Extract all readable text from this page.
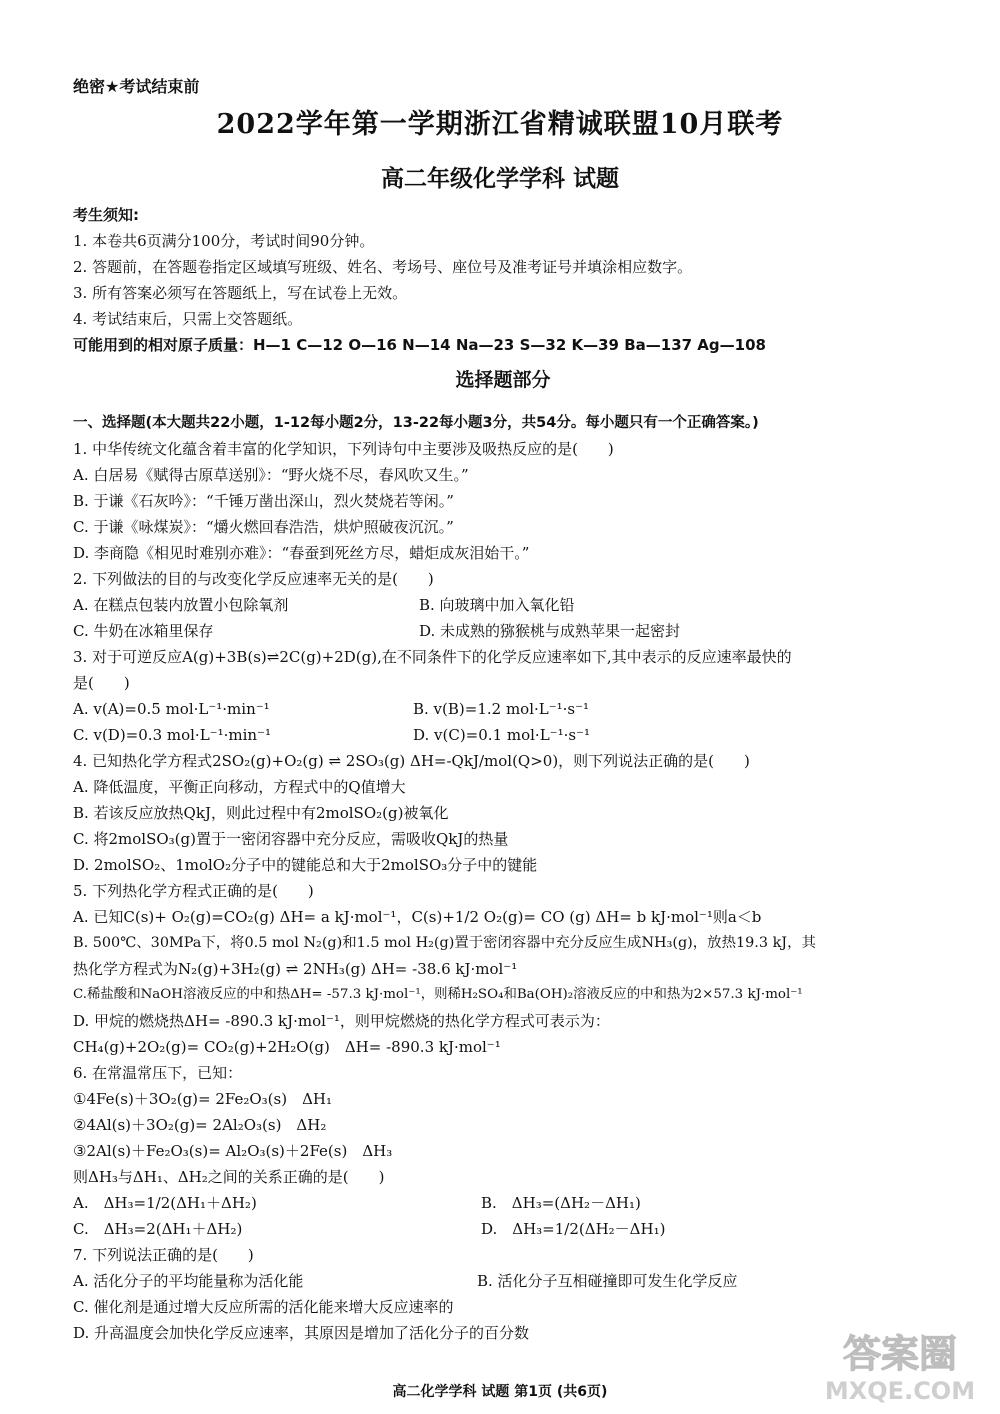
绝密★考试结束前
2022学年第一学期浙江省精诚联盟10月联考
高二年级化学学科 试题
考生须知:
1. 本卷共6页满分100分，考试时间90分钟。
2. 答题前，在答题卷指定区域填写班级、姓名、考场号、座位号及准考证号并填涂相应数字。
3. 所有答案必须写在答题纸上，写在试卷上无效。
4. 考试结束后，只需上交答题纸。
可能用到的相对原子质量：H—1 C—12 O—16 N—14 Na—23 S—32 K—39 Ba—137 Ag—108
选择题部分
一、选择题(本大题共22小题，1-12每小题2分，13-22每小题3分，共54分。每小题只有一个正确答案。)
1. 中华传统文化蕴含着丰富的化学知识，下列诗句中主要涉及吸热反应的是(　　)
A. 白居易《赋得古原草送别》：“野火烧不尽，春风吹又生。”
B. 于谦《石灰吟》：“千锤万凿出深山，烈火焚烧若等闲。”
C. 于谦《咏煤炭》：“爝火燃回春浩浩，烘炉照破夜沉沉。”
D. 李商隐《相见时难别亦难》：“春蚕到死丝方尽，蜡炬成灰泪始干。”
2. 下列做法的目的与改变化学反应速率无关的是(　　)
A. 在糕点包装内放置小包除氧剂	B. 向玻璃中加入氧化铅
C. 牛奶在冰箱里保存	D. 未成熟的猕猴桃与成熟苹果一起密封
3. 对于可逆反应A(g)+3B(s)⇌2C(g)+2D(g),在不同条件下的化学反应速率如下,其中表示的反应速率最快的
是(　　)
A. v(A)=0.5 mol·L⁻¹·min⁻¹	B. v(B)=1.2 mol·L⁻¹·s⁻¹
C. v(D)=0.3 mol·L⁻¹·min⁻¹	D. v(C)=0.1 mol·L⁻¹·s⁻¹
4. 已知热化学方程式2SO₂(g)+O₂(g) ⇌ 2SO₃(g) ΔH=-QkJ/mol(Q>0)，则下列说法正确的是(　　)
A. 降低温度，平衡正向移动，方程式中的Q值增大
B. 若该反应放热QkJ，则此过程中有2molSO₂(g)被氧化
C. 将2molSO₃(g)置于一密闭容器中充分反应，需吸收QkJ的热量
D. 2molSO₂、1molO₂分子中的键能总和大于2molSO₃分子中的键能
5. 下列热化学方程式正确的是(　　)
A. 已知C(s)+ O₂(g)=CO₂(g) ΔH= a kJ·mol⁻¹，C(s)+1/2 O₂(g)= CO (g) ΔH= b kJ·mol⁻¹则a＜b
B. 500℃、30MPa下，将0.5 mol N₂(g)和1.5 mol H₂(g)置于密闭容器中充分反应生成NH₃(g)，放热19.3 kJ，其
热化学方程式为N₂(g)+3H₂(g) ⇌ 2NH₃(g) ΔH= -38.6 kJ·mol⁻¹
C.稀盐酸和NaOH溶液反应的中和热ΔH= -57.3 kJ·mol⁻¹，则稀H₂SO₄和Ba(OH)₂溶液反应的中和热为2×57.3 kJ·mol⁻¹
D. 甲烷的燃烧热ΔH= -890.3 kJ·mol⁻¹，则甲烷燃烧的热化学方程式可表示为：
CH₄(g)+2O₂(g)= CO₂(g)+2H₂O(g)　ΔH= -890.3 kJ·mol⁻¹
6. 在常温常压下，已知：
①4Fe(s)＋3O₂(g)= 2Fe₂O₃(s)　ΔH₁
②4Al(s)＋3O₂(g)= 2Al₂O₃(s)　ΔH₂
③2Al(s)＋Fe₂O₃(s)= Al₂O₃(s)＋2Fe(s)　ΔH₃
则ΔH₃与ΔH₁、ΔH₂之间的关系正确的是(　　)
A.　ΔH₃=1/2(ΔH₁＋ΔH₂)	B.　ΔH₃=(ΔH₂－ΔH₁)
C.　ΔH₃=2(ΔH₁＋ΔH₂)	D.　ΔH₃=1/2(ΔH₂－ΔH₁)
7. 下列说法正确的是(　　)
A. 活化分子的平均能量称为活化能	B. 活化分子互相碰撞即可发生化学反应
C. 催化剂是通过增大反应所需的活化能来增大反应速率的
D. 升高温度会加快化学反应速率，其原因是增加了活化分子的百分数
高二化学学科 试题 第1页 (共6页)
答案圈
MXQE.COM
